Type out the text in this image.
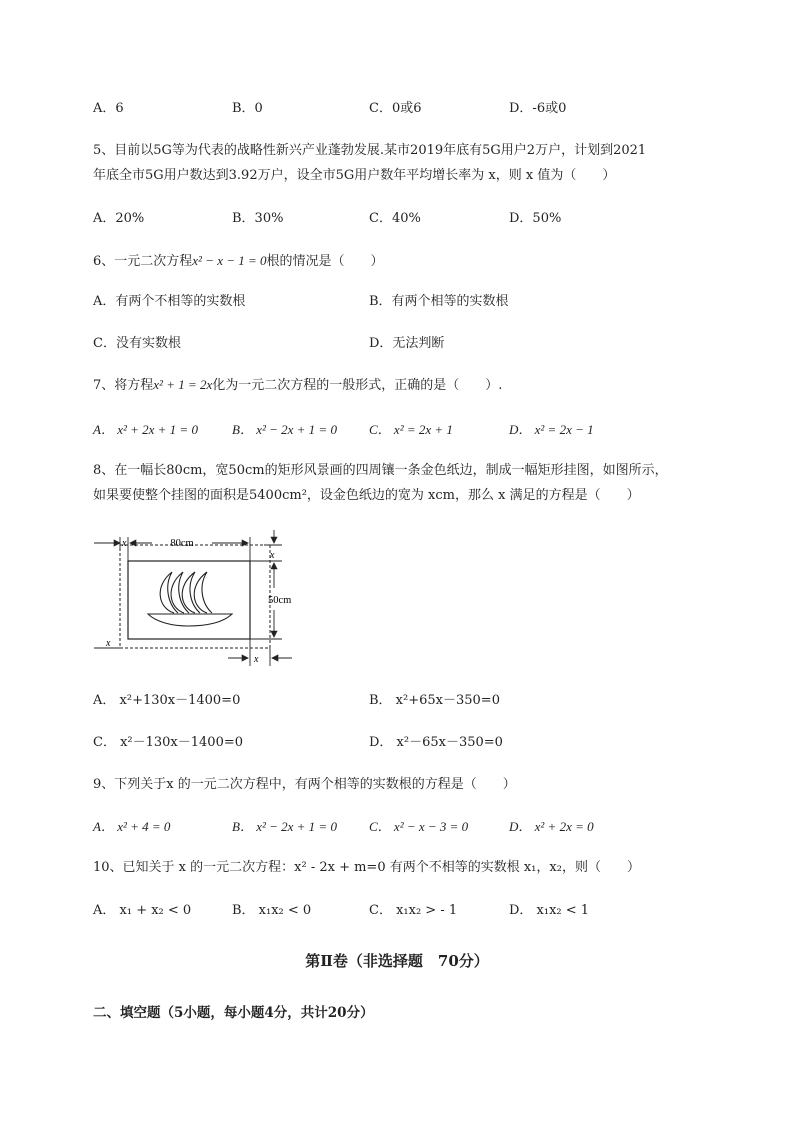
A．6	B．0	C．0或6	D．-6或0
5、目前以5G等为代表的战略性新兴产业蓬勃发展.某市2019年底有5G用户2万户，计划到2021
年底全市5G用户数达到3.92万户，设全市5G用户数年平均增长率为 x，则 x 值为（　　）
A．20%	B．30%	C．40%	D．50%
6、一元二次方程x² − x − 1 = 0根的情况是（　　）
A．有两个不相等的实数根	B．有两个相等的实数根
C．没有实数根	D．无法判断
7、将方程x² + 1 = 2x化为一元二次方程的一般形式，正确的是（　　）.
A． x² + 2x + 1 = 0	B． x² − 2x + 1 = 0 C． x² = 2x + 1	D． x² = 2x − 1
8、在一幅长80cm，宽50cm的矩形风景画的四周镶一条金色纸边，制成一幅矩形挂图，如图所示，
如果要使整个挂图的面积是5400cm²，设金色纸边的宽为 xcm，那么 x 满足的方程是（　　）
x	80cm
x
50cm
x
x
A． x²+130x－1400=0	B． x²+65x－350=0
C． x²－130x－1400=0	D． x²－65x－350=0
9、下列关于x 的一元二次方程中，有两个相等的实数根的方程是（　　）
A． x² + 4 = 0	B． x² − 2x + 1 = 0 C． x² − x − 3 = 0	D． x² + 2x = 0
10、已知关于 x 的一元二次方程：x² - 2x + m=0 有两个不相等的实数根 x₁，x₂，则（　　）
A． x₁ + x₂ < 0	B． x₁x₂ < 0	C． x₁x₂ > - 1	D． x₁x₂ < 1
第Ⅱ卷（非选择题　70分）
二、填空题（5小题，每小题4分，共计20分）
